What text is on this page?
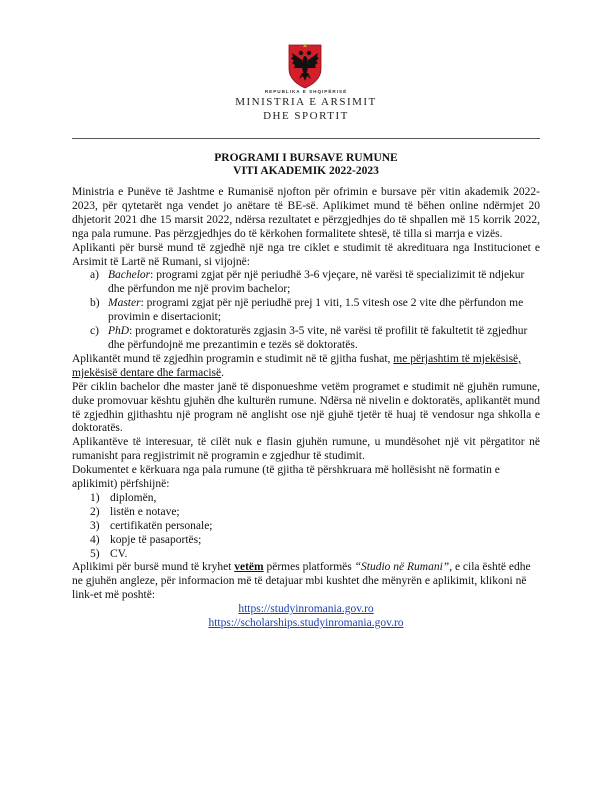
REPUBLIKA E SHQIPËRISË
MINISTRIA E ARSIMIT
DHE SPORTIT
PROGRAMI I BURSAVE RUMUNE
VITI AKADEMIK 2022-2023

Ministria e Punëve të Jashtme e Rumanisë njofton për ofrimin e bursave për vitin akademik 2022-2023, për qytetarët nga vendet jo anëtare të BE-së. Aplikimet mund të bëhen online ndërmjet 20 dhjetorit 2021 dhe 15 marsit 2022, ndërsa rezultatet e përzgjedhjes do të shpallen më 15 korrik 2022, nga pala rumune. Pas përzgjedhjes do të kërkohen formalitete shtesë, të tilla si marrja e vizës.

Aplikanti për bursë mund të zgjedhë një nga tre ciklet e studimit të akredituara nga Institucionet e Arsimit të Lartë në Rumani, si vijojnë:

a) Bachelor: programi zgjat për një periudhë 3-6 vjeçare, në varësi të specializimit të ndjekur dhe përfundon me një provim bachelor;
b) Master: programi zgjat për një periudhë prej 1 viti, 1.5 vitesh ose 2 vite dhe përfundon me provimin e disertacionit;
c) PhD: programet e doktoraturës zgjasin 3-5 vite, në varësi të profilit të fakultetit të zgjedhur dhe përfundojnë me prezantimin e tezës së doktoratës.

Aplikantët mund të zgjedhin programin e studimit në të gjitha fushat, me përjashtim të mjekësisë, mjekësisë dentare dhe farmacisë.

Për ciklin bachelor dhe master janë të disponueshme vetëm programet e studimit në gjuhën rumune, duke promovuar kështu gjuhën dhe kulturën rumune. Ndërsa në nivelin e doktoratës, aplikantët mund të zgjedhin gjithashtu një program në anglisht ose një gjuhë tjetër të huaj të vendosur nga shkolla e doktoratës.

Aplikantëve të interesuar, të cilët nuk e flasin gjuhën rumune, u mundësohet një vit përgatitor në rumanisht para regjistrimit në programin e zgjedhur të studimit.

Dokumentet e kërkuara nga pala rumune (të gjitha të përshkruara më hollësisht në formatin e aplikimit) përfshijnë:

1) diplomën,
2) listën e notave;
3) certifikatën personale;
4) kopje të pasaportës;
5) CV.

Aplikimi për bursë mund të kryhet vetëm përmes platformës “Studio në Rumani”, e cila është edhe ne gjuhën angleze, për informacion më të detajuar mbi kushtet dhe mënyrën e aplikimit, klikoni në link-et më poshtë:

https://studyinromania.gov.ro
https://scholarships.studyinromania.gov.ro
